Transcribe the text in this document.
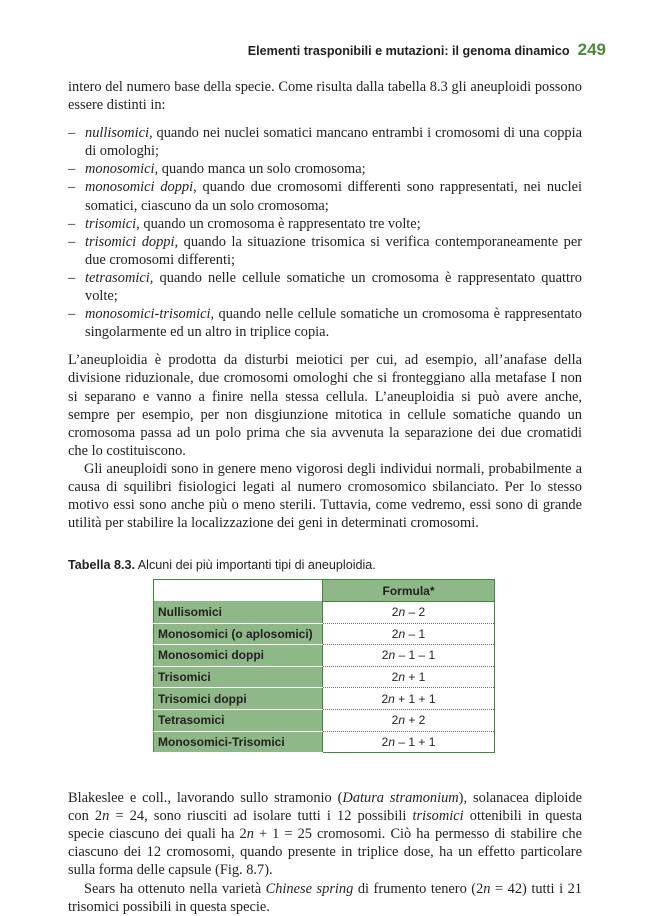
Elementi trasponibili e mutazioni: il genoma dinamico 249

intero del numero base della specie. Come risulta dalla tabella 8.3 gli aneuploidi possono essere distinti in:

– nullisomici, quando nei nuclei somatici mancano entrambi i cromosomi di una coppia di omologhi;
– monosomici, quando manca un solo cromosoma;
– monosomici doppi, quando due cromosomi differenti sono rappresentati, nei nuclei somatici, ciascuno da un solo cromosoma;
– trisomici, quando un cromosoma è rappresentato tre volte;
– trisomici doppi, quando la situazione trisomica si verifica contemporaneamente per due cromosomi differenti;
– tetrasomici, quando nelle cellule somatiche un cromosoma è rappresentato quattro volte;
– monosomici-trisomici, quando nelle cellule somatiche un cromosoma è rappresentato singolarmente ed un altro in triplice copia.

L’aneuploidia è prodotta da disturbi meiotici per cui, ad esempio, all’anafase della divisione riduzionale, due cromosomi omologhi che si fronteggiano alla metafase I non si separano e vanno a finire nella stessa cellula. L’aneuploidia si può avere anche, sempre per esempio, per non disgiunzione mitotica in cellule somatiche quando un cromosoma passa ad un polo prima che sia avvenuta la separazione dei due cromatidi che lo costituiscono.

Gli aneuploidi sono in genere meno vigorosi degli individui normali, probabilmente a causa di squilibri fisiologici legati al numero cromosomico sbilanciato. Per lo stesso motivo essi sono anche più o meno sterili. Tuttavia, come vedremo, essi sono di grande utilità per stabilire la localizzazione dei geni in determinati cromosomi.

Tabella 8.3. Alcuni dei più importanti tipi di aneuploidia.
	Formula*
Nullisomici	2n – 2
Monosomici (o aplosomici)	2n – 1
Monosomici doppi	2n – 1 – 1
Trisomici	2n + 1
Trisomici doppi	2n + 1 + 1
Tetrasomici	2n + 2
Monosomici-Trisomici	2n – 1 + 1

Blakeslee e coll., lavorando sullo stramonio (Datura stramonium), solanacea diploide con 2n = 24, sono riusciti ad isolare tutti i 12 possibili trisomici ottenibili in questa specie ciascuno dei quali ha 2n + 1 = 25 cromosomi. Ciò ha permesso di stabilire che ciascuno dei 12 cromosomi, quando presente in triplice dose, ha un effetto particolare sulla forma delle capsule (Fig. 8.7).

Sears ha ottenuto nella varietà Chinese spring di frumento tenero (2n = 42) tutti i 21 trisomici possibili in questa specie.
